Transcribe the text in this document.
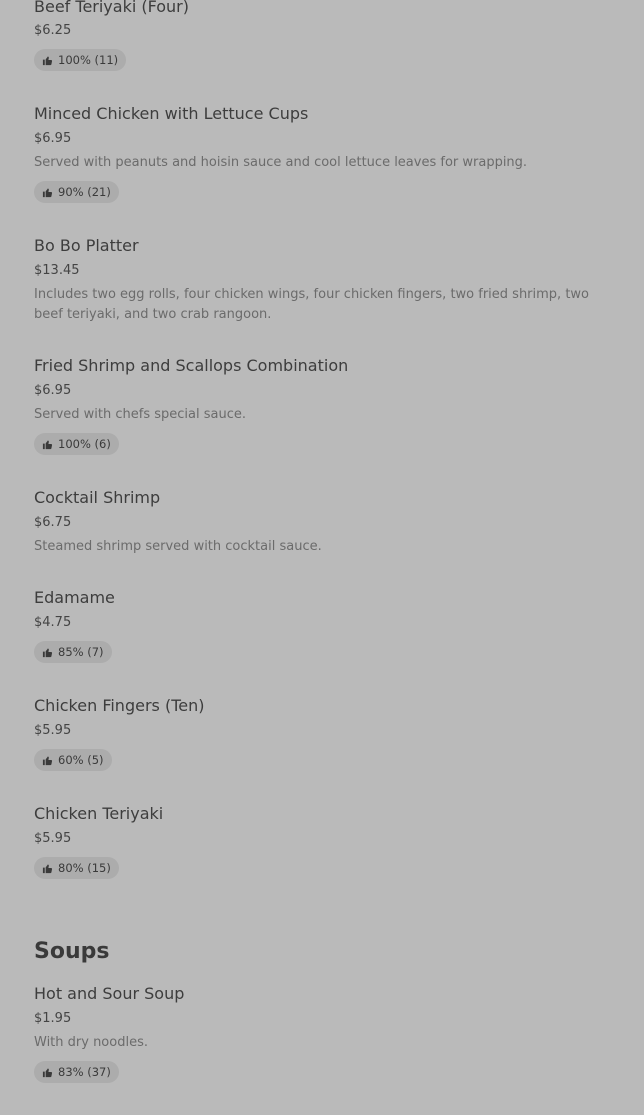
Beef Teriyaki (Four)
$6.25
100% (11)
Minced Chicken with Lettuce Cups
$6.95
Served with peanuts and hoisin sauce and cool lettuce leaves for wrapping.
90% (21)
Bo Bo Platter
$13.45
Includes two egg rolls, four chicken wings, four chicken fingers, two fried shrimp, two beef teriyaki, and two crab rangoon.
Fried Shrimp and Scallops Combination
$6.95
Served with chefs special sauce.
100% (6)
Cocktail Shrimp
$6.75
Steamed shrimp served with cocktail sauce.
Edamame
$4.75
85% (7)
Chicken Fingers (Ten)
$5.95
60% (5)
Chicken Teriyaki
$5.95
80% (15)
Soups
Hot and Sour Soup
$1.95
With dry noodles.
83% (37)
